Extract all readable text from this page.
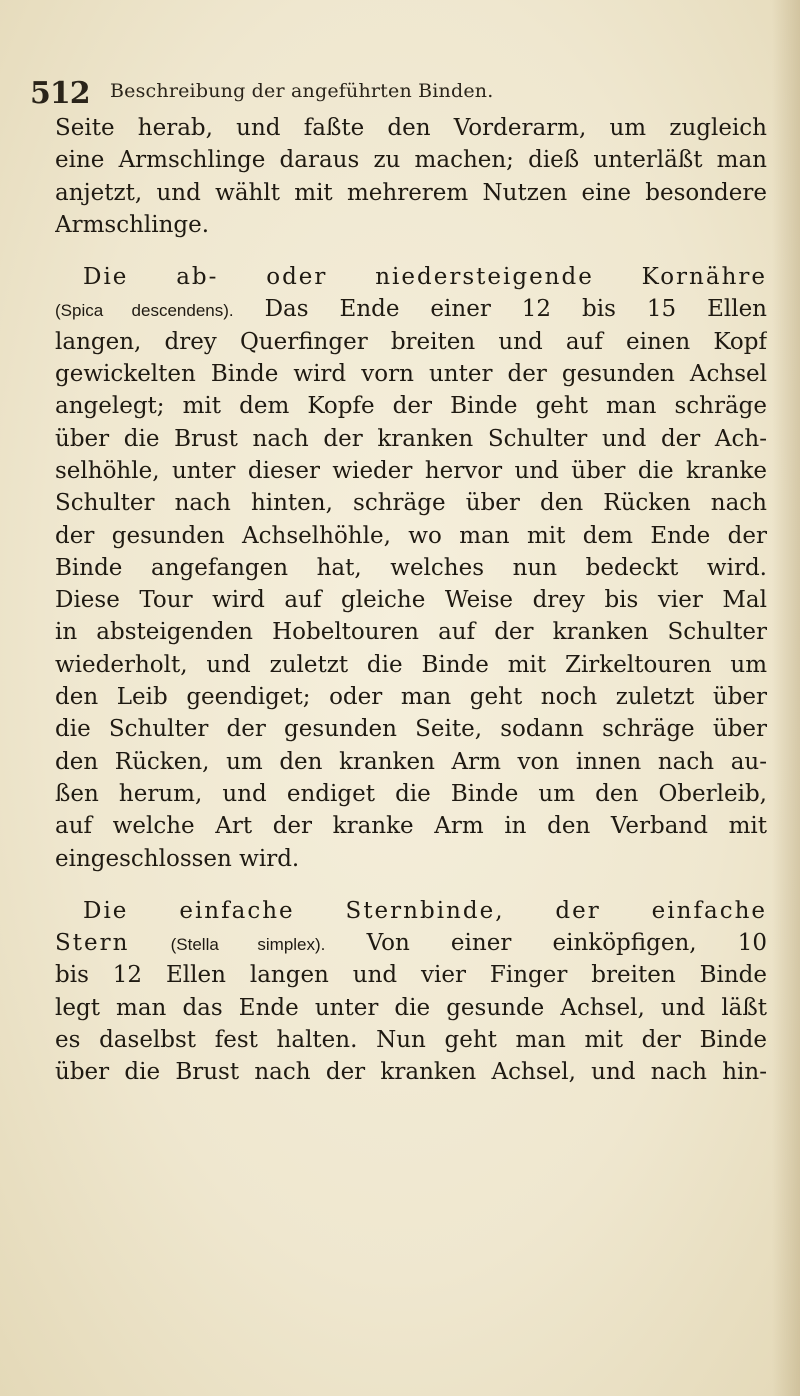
512 Beschreibung der angeführten Binden.
Seite herab, und faßte den Vorderarm, um zugleich
eine Armschlinge daraus zu machen; dieß unterläßt man
anjetzt, und wählt mit mehrerem Nutzen eine besondere
Armschlinge.
Die ab- oder niedersteigende Kornähre
(Spica descendens). Das Ende einer 12 bis 15 Ellen
langen, drey Querfinger breiten und auf einen Kopf
gewickelten Binde wird vorn unter der gesunden Achsel
angelegt; mit dem Kopfe der Binde geht man schräge
über die Brust nach der kranken Schulter und der Ach-
selhöhle, unter dieser wieder hervor und über die kranke
Schulter nach hinten, schräge über den Rücken nach
der gesunden Achselhöhle, wo man mit dem Ende der
Binde angefangen hat, welches nun bedeckt wird.
Diese Tour wird auf gleiche Weise drey bis vier Mal
in absteigenden Hobeltouren auf der kranken Schulter
wiederholt, und zuletzt die Binde mit Zirkeltouren um
den Leib geendiget; oder man geht noch zuletzt über
die Schulter der gesunden Seite, sodann schräge über
den Rücken, um den kranken Arm von innen nach au-
ßen herum, und endiget die Binde um den Oberleib,
auf welche Art der kranke Arm in den Verband mit
eingeschlossen wird.
Die einfache Sternbinde, der einfache
Stern (Stella simplex). Von einer einköpfigen, 10
bis 12 Ellen langen und vier Finger breiten Binde
legt man das Ende unter die gesunde Achsel, und läßt
es daselbst fest halten. Nun geht man mit der Binde
über die Brust nach der kranken Achsel, und nach hin-
